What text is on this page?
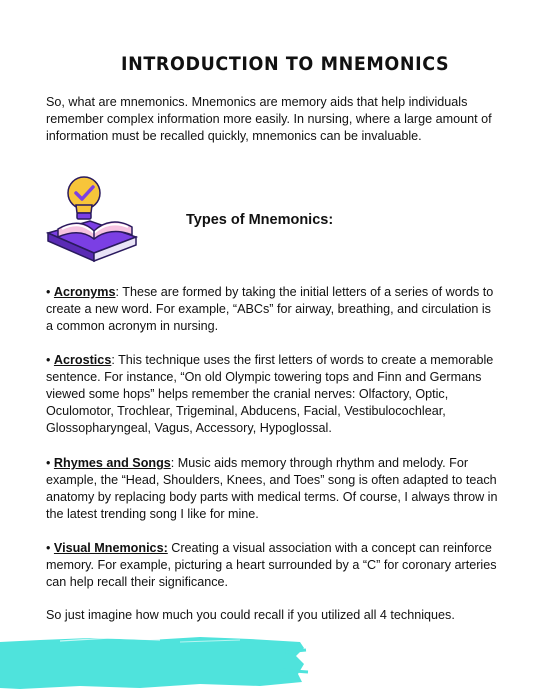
INTRODUCTION TO MNEMONICS
So, what are mnemonics. Mnemonics are memory aids that help individuals remember complex information more easily. In nursing, where a large amount of information must be recalled quickly, mnemonics can be invaluable.
Types of Mnemonics:
• Acronyms: These are formed by taking the initial letters of a series of words to create a new word. For example, “ABCs” for airway, breathing, and circulation is a common acronym in nursing.
• Acrostics: This technique uses the first letters of words to create a memorable sentence. For instance, “On old Olympic towering tops and Finn and Germans viewed some hops” helps remember the cranial nerves: Olfactory, Optic, Oculomotor, Trochlear, Trigeminal, Abducens, Facial, Vestibulocochlear, Glossopharyngeal, Vagus, Accessory, Hypoglossal.
• Rhymes and Songs: Music aids memory through rhythm and melody. For example, the “Head, Shoulders, Knees, and Toes” song is often adapted to teach anatomy by replacing body parts with medical terms. Of course, I always throw in the latest trending song I like for mine.
• Visual Mnemonics: Creating a visual association with a concept can reinforce memory. For example, picturing a heart surrounded by a “C” for coronary arteries can help recall their significance.
So just imagine how much you could recall if you utilized all 4 techniques.
